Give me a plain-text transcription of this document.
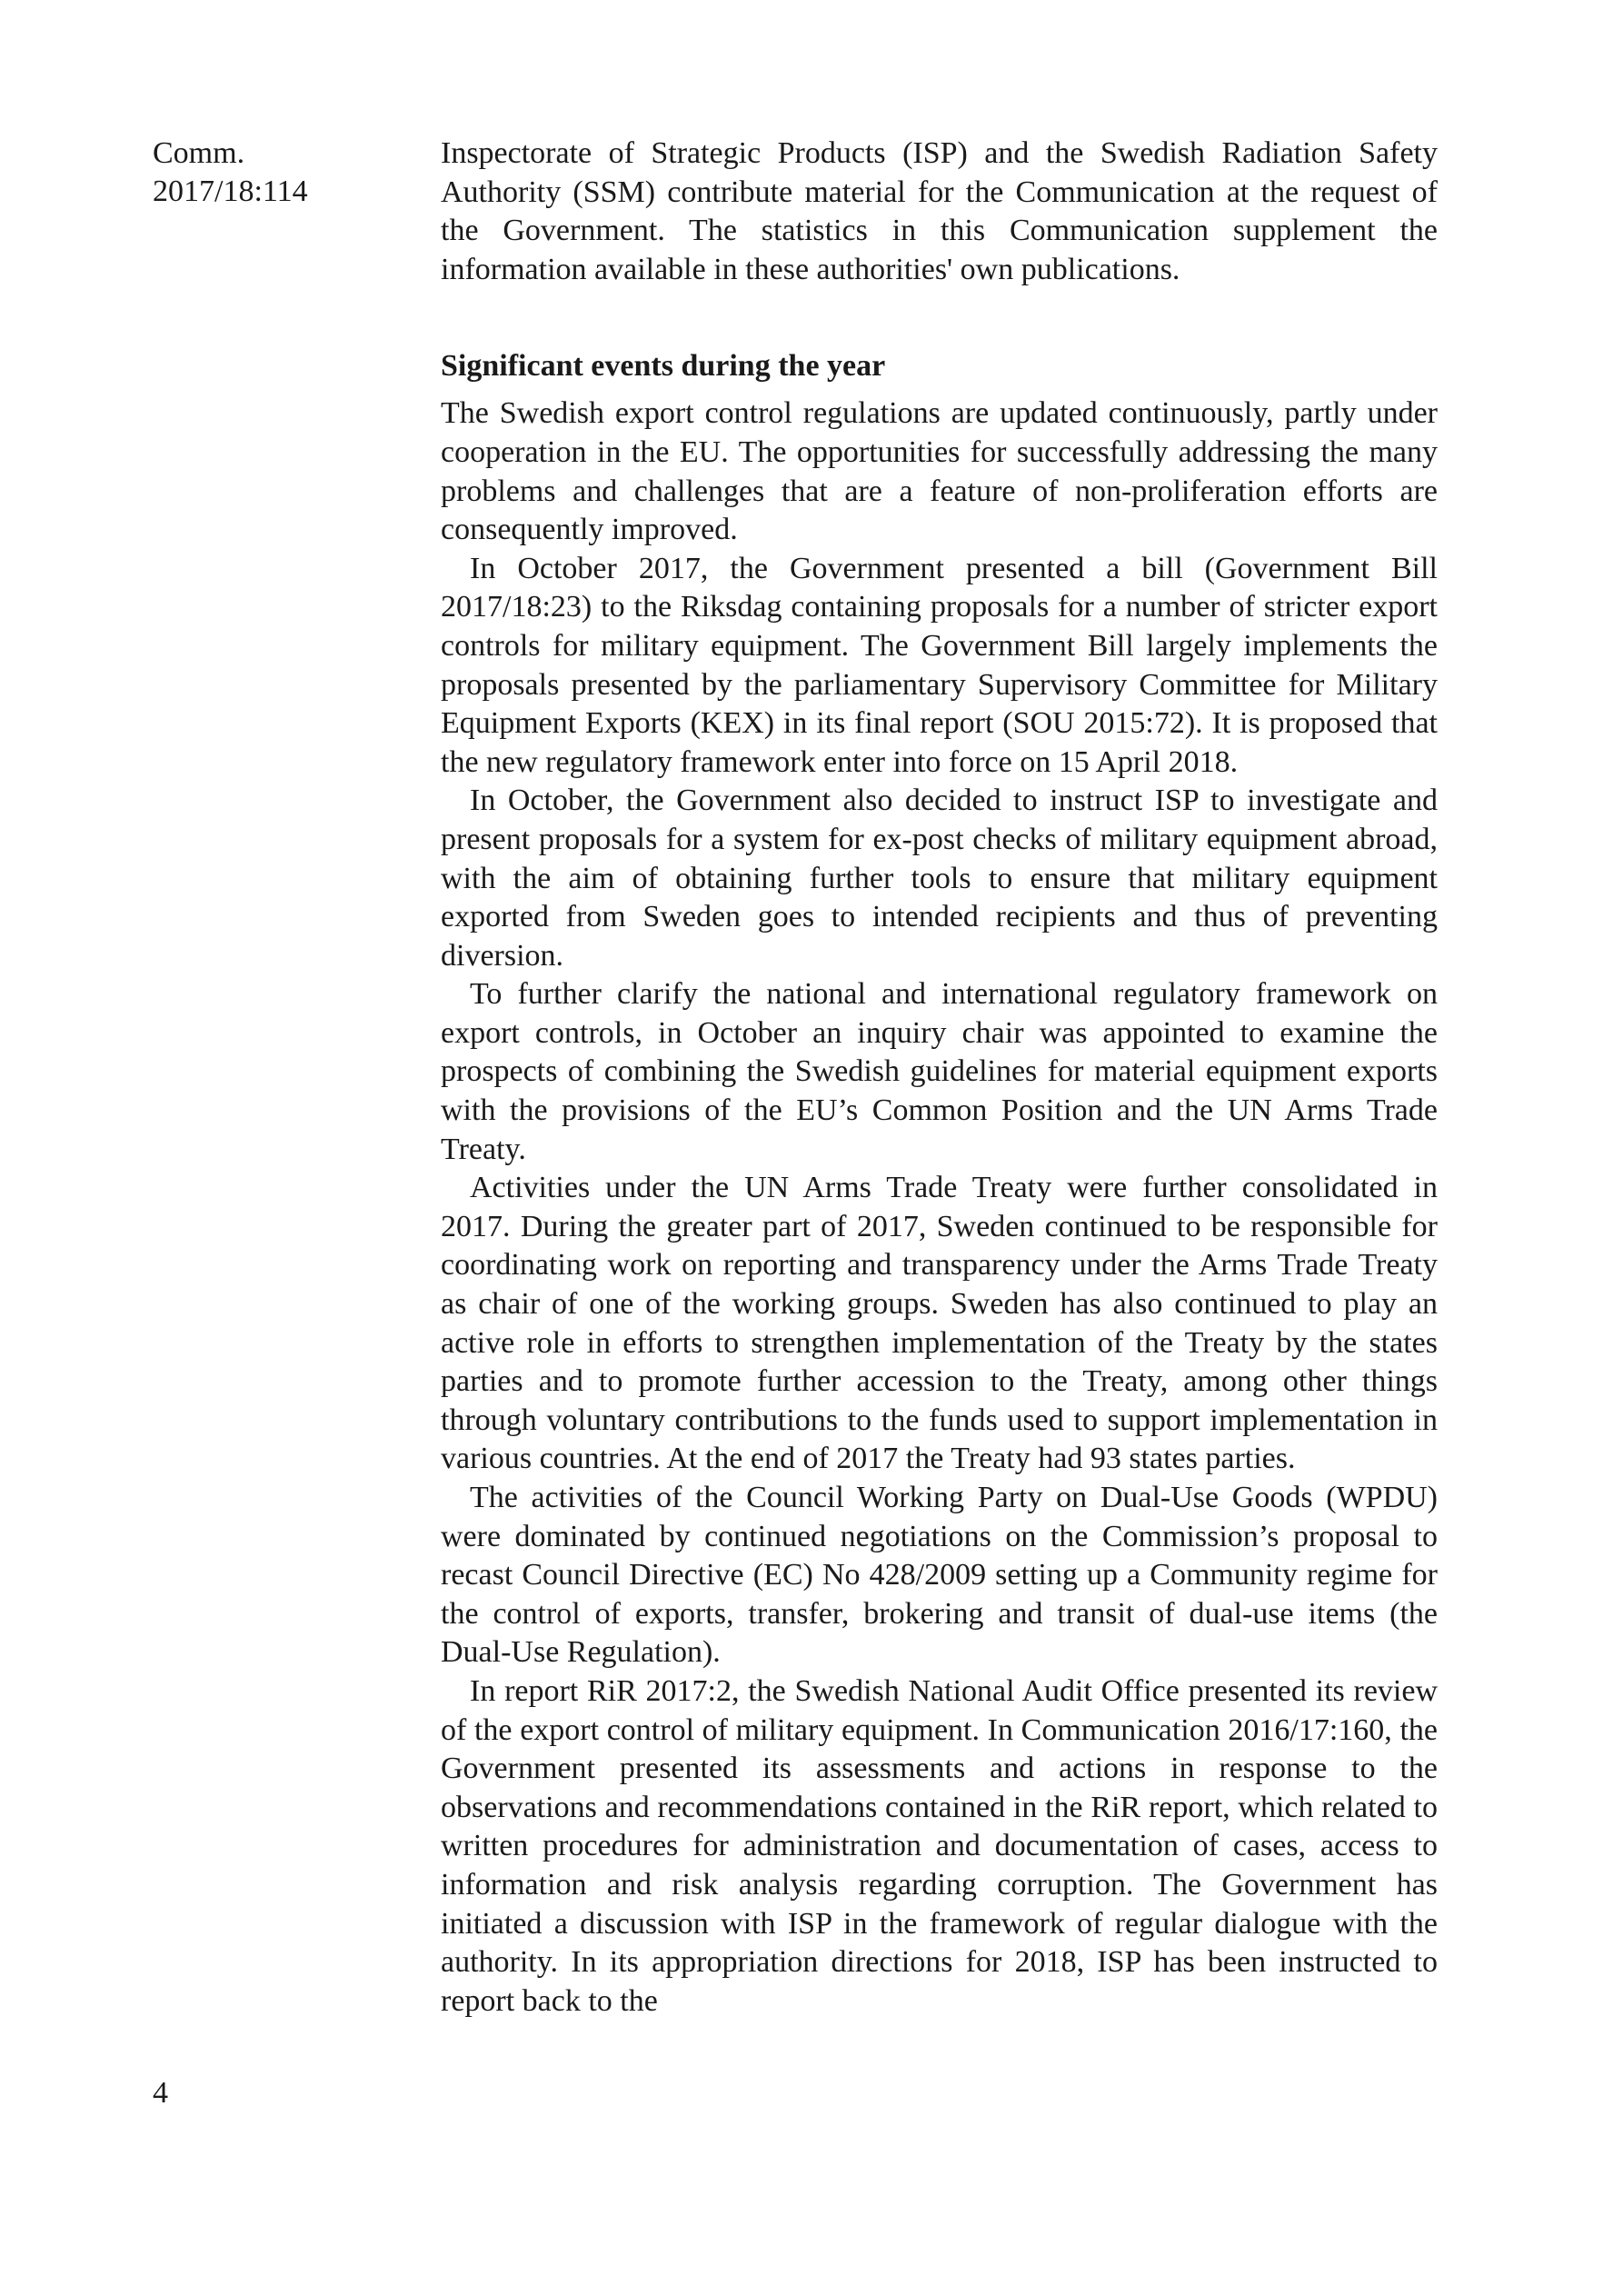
Comm.
2017/18:114

Inspectorate of Strategic Products (ISP) and the Swedish Radiation Safety Authority (SSM) contribute material for the Communication at the request of the Government. The statistics in this Communication supplement the information available in these authorities' own publications.

Significant events during the year

The Swedish export control regulations are updated continuously, partly under cooperation in the EU. The opportunities for successfully addressing the many problems and challenges that are a feature of non-proliferation efforts are consequently improved.

In October 2017, the Government presented a bill (Government Bill 2017/18:23) to the Riksdag containing proposals for a number of stricter export controls for military equipment. The Government Bill largely implements the proposals presented by the parliamentary Supervisory Committee for Military Equipment Exports (KEX) in its final report (SOU 2015:72). It is proposed that the new regulatory framework enter into force on 15 April 2018.

In October, the Government also decided to instruct ISP to investigate and present proposals for a system for ex-post checks of military equipment abroad, with the aim of obtaining further tools to ensure that military equipment exported from Sweden goes to intended recipients and thus of preventing diversion.

To further clarify the national and international regulatory framework on export controls, in October an inquiry chair was appointed to examine the prospects of combining the Swedish guidelines for material equipment exports with the provisions of the EU’s Common Position and the UN Arms Trade Treaty.

Activities under the UN Arms Trade Treaty were further consolidated in 2017. During the greater part of 2017, Sweden continued to be responsible for coordinating work on reporting and transparency under the Arms Trade Treaty as chair of one of the working groups. Sweden has also continued to play an active role in efforts to strengthen implementation of the Treaty by the states parties and to promote further accession to the Treaty, among other things through voluntary contributions to the funds used to support implementation in various countries. At the end of 2017 the Treaty had 93 states parties.

The activities of the Council Working Party on Dual-Use Goods (WPDU) were dominated by continued negotiations on the Commission’s proposal to recast Council Directive (EC) No 428/2009 setting up a Community regime for the control of exports, transfer, brokering and transit of dual-use items (the Dual-Use Regulation).

In report RiR 2017:2, the Swedish National Audit Office presented its review of the export control of military equipment. In Communication 2016/17:160, the Government presented its assessments and actions in response to the observations and recommendations contained in the RiR report, which related to written procedures for administration and documentation of cases, access to information and risk analysis regarding corruption. The Government has initiated a discussion with ISP in the framework of regular dialogue with the authority. In its appropriation directions for 2018, ISP has been instructed to report back to the

4
